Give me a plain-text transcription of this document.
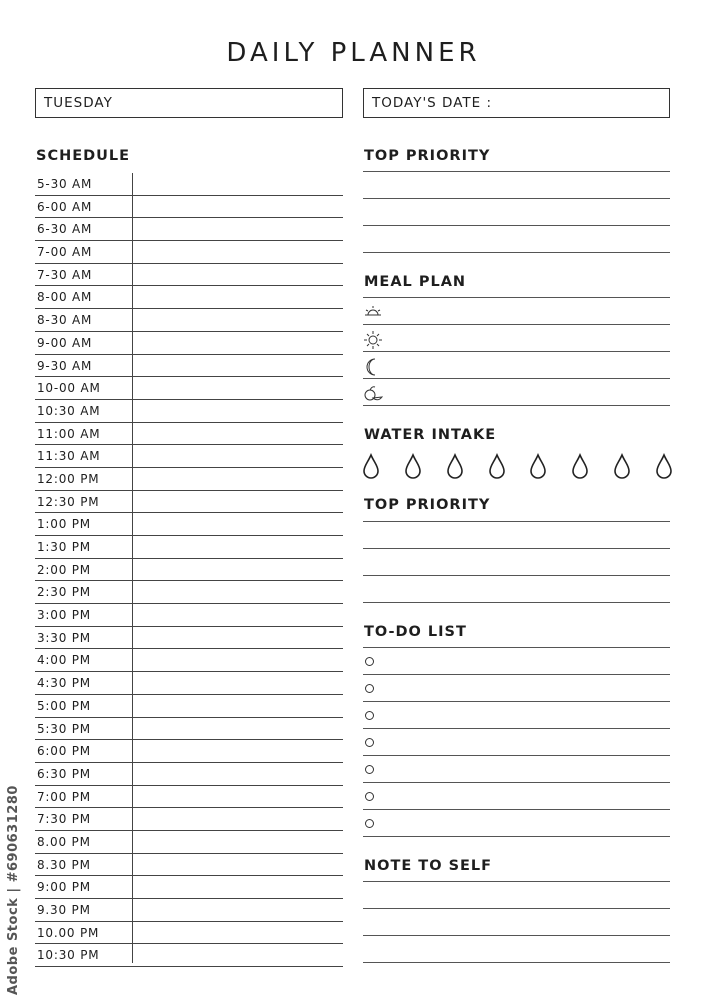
DAILY PLANNER
TUESDAY	TODAY'S DATE :
SCHEDULE
5-30 AM
6-00 AM
6-30 AM
7-00 AM
7-30 AM
8-00 AM
8-30 AM
9-00 AM
9-30 AM
10-00 AM
10:30 AM
11:00 AM
11:30 AM
12:00 PM
12:30 PM
1:00 PM
1:30 PM
2:00 PM
2:30 PM
3:00 PM
3:30 PM
4:00 PM
4:30 PM
5:00 PM
5:30 PM
6:00 PM
6:30 PM
7:00 PM
7:30 PM
8.00 PM
8.30 PM
9:00 PM
9.30 PM
10.00 PM
10:30 PM
TOP PRIORITY
MEAL PLAN
WATER INTAKE
TOP PRIORITY
TO-DO LIST
NOTE TO SELF
Adobe Stock | #690631280
